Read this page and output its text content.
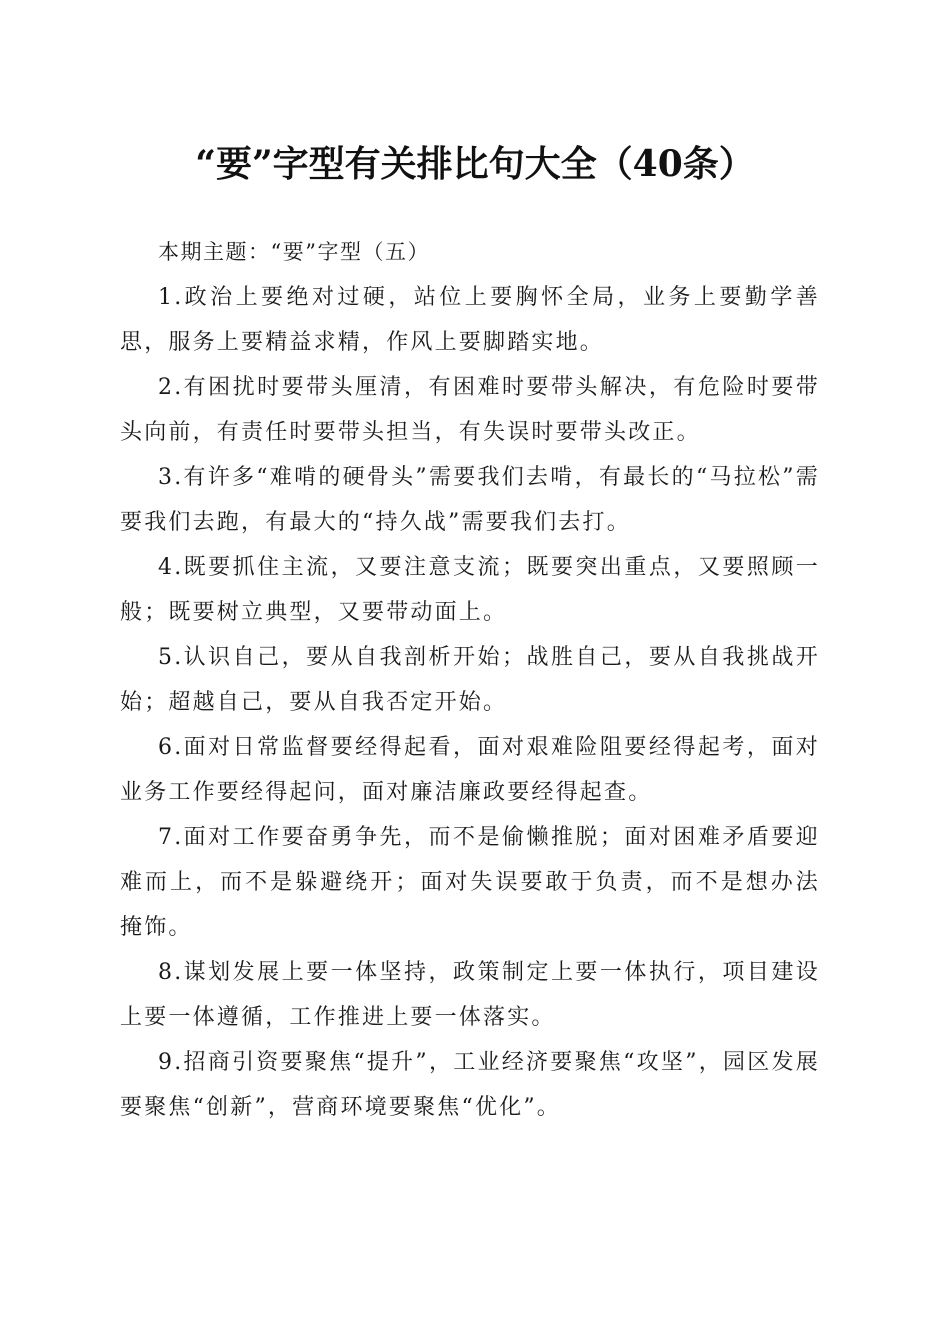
“要”字型有关排比句大全（40条）

本期主题：“要”字型（五）

1.政治上要绝对过硬，站位上要胸怀全局，业务上要勤学善思，服务上要精益求精，作风上要脚踏实地。

2.有困扰时要带头厘清，有困难时要带头解决，有危险时要带头向前，有责任时要带头担当，有失误时要带头改正。

3.有许多“难啃的硬骨头”需要我们去啃，有最长的“马拉松”需要我们去跑，有最大的“持久战”需要我们去打。

4.既要抓住主流，又要注意支流；既要突出重点，又要照顾一般；既要树立典型，又要带动面上。

5.认识自己，要从自我剖析开始；战胜自己，要从自我挑战开始；超越自己，要从自我否定开始。

6.面对日常监督要经得起看，面对艰难险阻要经得起考，面对业务工作要经得起问，面对廉洁廉政要经得起查。

7.面对工作要奋勇争先，而不是偷懒推脱；面对困难矛盾要迎难而上，而不是躲避绕开；面对失误要敢于负责，而不是想办法掩饰。

8.谋划发展上要一体坚持，政策制定上要一体执行，项目建设上要一体遵循，工作推进上要一体落实。

9.招商引资要聚焦“提升”，工业经济要聚焦“攻坚”，园区发展要聚焦“创新”，营商环境要聚焦“优化”。
